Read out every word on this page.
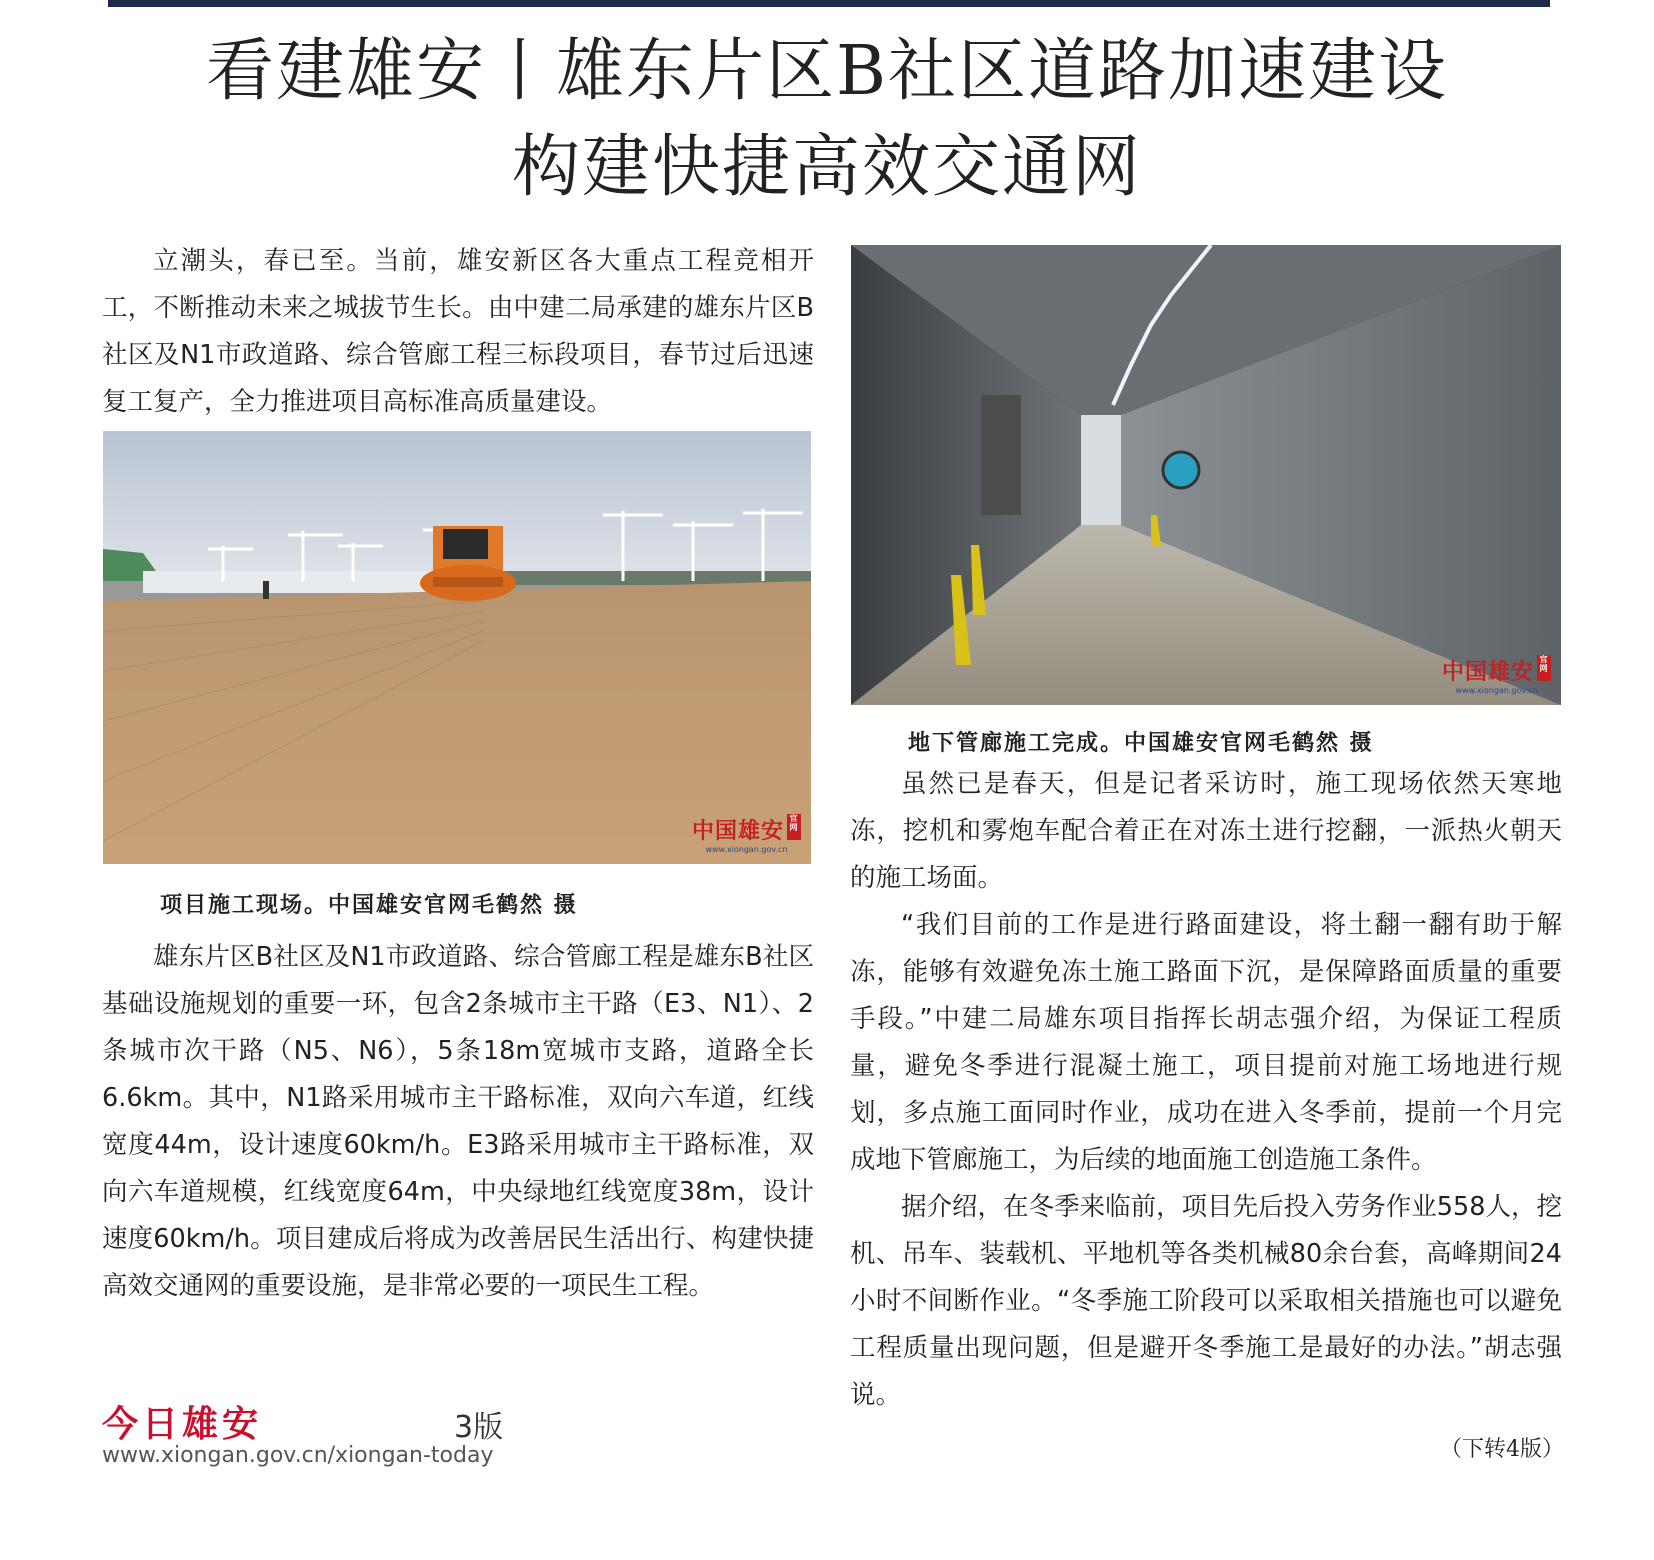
看建雄安丨雄东片区B社区道路加速建设
构建快捷高效交通网

立潮头，春已至。当前，雄安新区各大重点工程竞相开工，不断推动未来之城拔节生长。由中建二局承建的雄东片区B社区及N1市政道路、综合管廊工程三标段项目，春节过后迅速复工复产，全力推进项目高标准高质量建设。

中国雄安 官网
www.xiongan.gov.cn
项目施工现场。中国雄安官网毛鹤然 摄

雄东片区B社区及N1市政道路、综合管廊工程是雄东B社区基础设施规划的重要一环，包含2条城市主干路（E3、N1）、2条城市次干路（N5、N6），5条18m宽城市支路，道路全长6.6km。其中，N1路采用城市主干路标准，双向六车道，红线宽度44m，设计速度60km/h。E3路采用城市主干路标准，双向六车道规模，红线宽度64m，中央绿地红线宽度38m，设计速度60km/h。项目建成后将成为改善居民生活出行、构建快捷高效交通网的重要设施，是非常必要的一项民生工程。

中国雄安 官网
www.xiongan.gov.cn
地下管廊施工完成。中国雄安官网毛鹤然 摄

虽然已是春天，但是记者采访时，施工现场依然天寒地冻，挖机和雾炮车配合着正在对冻土进行挖翻，一派热火朝天的施工场面。

“我们目前的工作是进行路面建设，将土翻一翻有助于解冻，能够有效避免冻土施工路面下沉，是保障路面质量的重要手段。”中建二局雄东项目指挥长胡志强介绍，为保证工程质量，避免冬季进行混凝土施工，项目提前对施工场地进行规划，多点施工面同时作业，成功在进入冬季前，提前一个月完成地下管廊施工，为后续的地面施工创造施工条件。

据介绍，在冬季来临前，项目先后投入劳务作业558人，挖机、吊车、装载机、平地机等各类机械80余台套，高峰期间24小时不间断作业。“冬季施工阶段可以采取相关措施也可以避免工程质量出现问题，但是避开冬季施工是最好的办法。”胡志强说。

（下转4版）
今日雄安	3版
www.xiongan.gov.cn/xiongan-today
